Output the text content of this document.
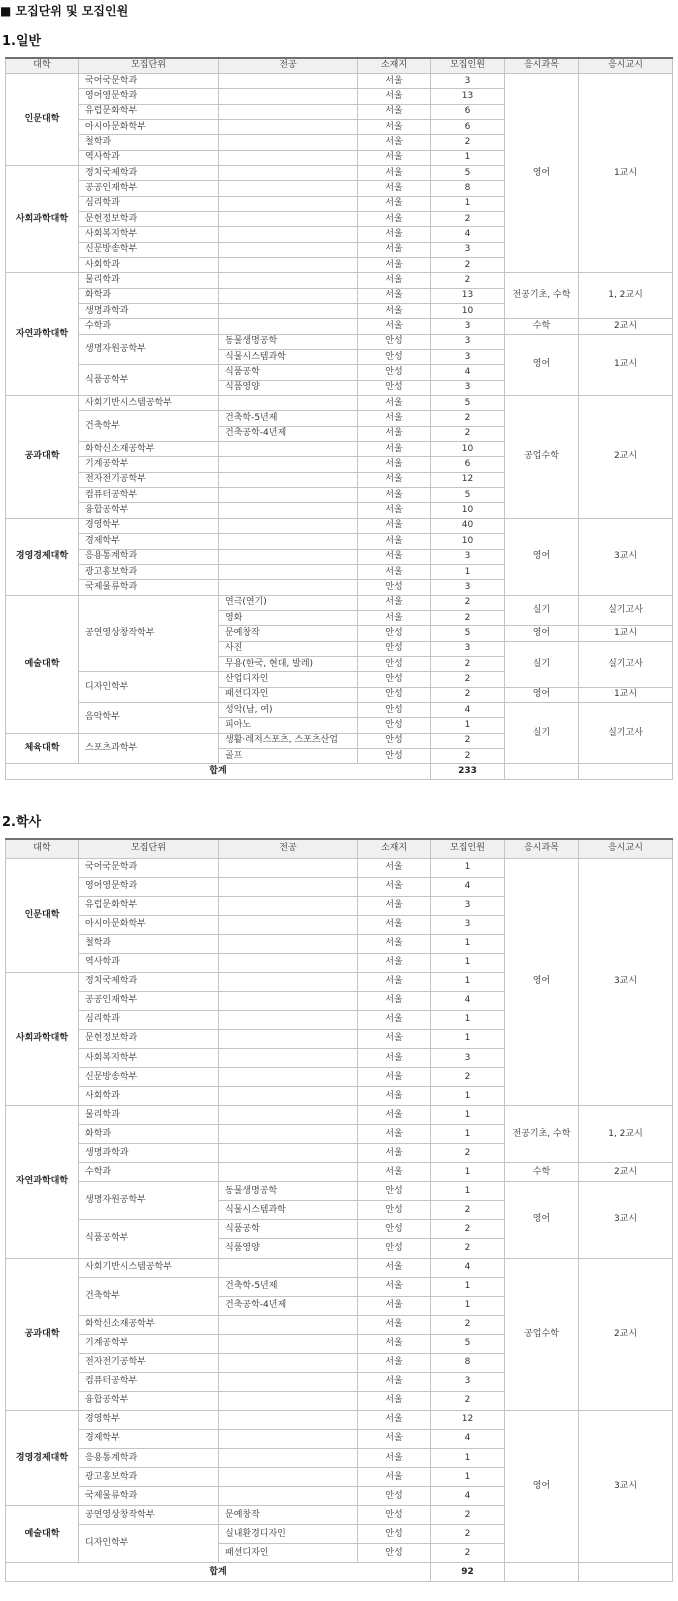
■ 모집단위 및 모집인원
1.일반
대학	모집단위	전공	소재지	모집인원	응시과목	응시교시
인문대학	국어국문학과		서울	3	영어	1교시
	영어영문학과		서울	13		
	유럽문화학부		서울	6		
	아시아문화학부		서울	6		
	철학과		서울	2		
	역사학과		서울	1		
사회과학대학	정치국제학과		서울	5		
	공공인재학부		서울	8		
	심리학과		서울	1		
	문헌정보학과		서울	2		
	사회복지학부		서울	4		
	신문방송학부		서울	3		
	사회학과		서울	2		
자연과학대학	물리학과		서울	2	전공기초, 수학	1, 2교시
	화학과		서울	13		
	생명과학과		서울	10		
	수학과		서울	3	수학	2교시
	생명자원공학부	동물생명공학	안성	3	영어	1교시
		식물시스템과학	안성	3		
	식품공학부	식품공학	안성	4		
		식품영양	안성	3		
공과대학	사회기반시스템공학부		서울	5	공업수학	2교시
	건축학부	건축학-5년제	서울	2		
		건축공학-4년제	서울	2		
	화학신소재공학부		서울	10		
	기계공학부		서울	6		
	전자전기공학부		서울	12		
	컴퓨터공학부		서울	5		
	융합공학부		서울	10		
경영경제대학	경영학부		서울	40	영어	3교시
	경제학부		서울	10		
	응용통계학과		서울	3		
	광고홍보학과		서울	1		
	국제물류학과		안성	3		
예술대학	공연영상창작학부	연극(연기)	서울	2	실기	실기고사
		영화	서울	2		
		문예창작	안성	5	영어	1교시
		사진	안성	3	실기	실기고사
		무용(한국, 현대, 발레)	안성	2		
	디자인학부	산업디자인	안성	2		
		패션디자인	안성	2	영어	1교시
	음악학부	성악(남, 여)	안성	4	실기	실기고사
		피아노	안성	1		
체육대학	스포츠과학부	생활·레저스포츠, 스포츠산업	안성	2		
		골프	안성	2		
합계				233		
2.학사
대학	모집단위	전공	소재지	모집인원	응시과목	응시교시
인문대학	국어국문학과		서울	1	영어	3교시
	영어영문학과		서울	4		
	유럽문화학부		서울	3		
	아시아문화학부		서울	3		
	철학과		서울	1		
	역사학과		서울	1		
사회과학대학	정치국제학과		서울	1		
	공공인재학부		서울	4		
	심리학과		서울	1		
	문헌정보학과		서울	1		
	사회복지학부		서울	3		
	신문방송학부		서울	2		
	사회학과		서울	1		
자연과학대학	물리학과		서울	1	전공기초, 수학	1, 2교시
	화학과		서울	1		
	생명과학과		서울	2		
	수학과		서울	1	수학	2교시
	생명자원공학부	동물생명공학	안성	1	영어	3교시
		식물시스템과학	안성	2		
	식품공학부	식품공학	안성	2		
		식품영양	안성	2		
공과대학	사회기반시스템공학부		서울	4	공업수학	2교시
	건축학부	건축학-5년제	서울	1		
		건축공학-4년제	서울	1		
	화학신소재공학부		서울	2		
	기계공학부		서울	5		
	전자전기공학부		서울	8		
	컴퓨터공학부		서울	3		
	융합공학부		서울	2		
경영경제대학	경영학부		서울	12	영어	3교시
	경제학부		서울	4		
	응용통계학과		서울	1		
	광고홍보학과		서울	1		
	국제물류학과		안성	4		
예술대학	공연영상창작학부	문예창작	안성	2		
	디자인학부	실내환경디자인	안성	2		
		패션디자인	안성	2		
합계				92		
